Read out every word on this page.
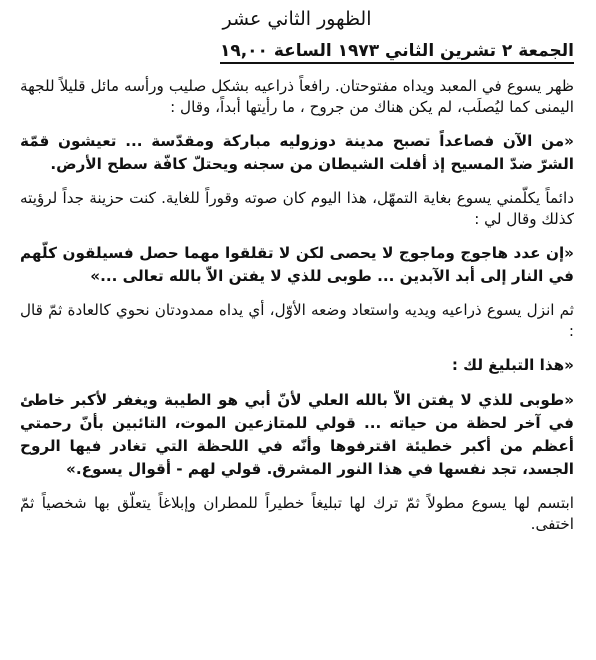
الظهور الثاني عشر
الجمعة ٢ تشرين الثاني ١٩٧٣ الساعة ١٩,٠٠

ظهر يسوع في المعبد ويداه مفتوحتان. رافعاً ذراعيه بشكل صليب ورأسه مائل قليلاً للجهة اليمنى كما ليُصلَب، لم يكن هناك من جروح ، ما رأيتها أبداً، وقال :

«من الآن فصاعداً تصبح مدينة دوزوليه مباركة ومقدّسة ... تعيشون قمّة الشرّ ضدّ المسيح إذ أفلت الشيطان من سجنه ويحتلّ كافّة سطح الأرض.

دائماً يكلّمني يسوع بغاية التمهّل، هذا اليوم كان صوته وقوراً للغاية. كنت حزينة جداً لرؤيته كذلك وقال لي :

«إن عدد هاجوج وماجوج لا يحصى لكن لا تقلقوا مهما حصل فسيلقون كلّهم في النار إلى أبد الآبدين ... طوبى للذي لا يفتن الاّ بالله تعالى ...»

ثم انزل يسوع ذراعيه ويديه واستعاد وضعه الأوّل، أي يداه ممدودتان نحوي كالعادة ثمّ قال :

«هذا التبليغ لك :

«طوبى للذي لا يفتن الاّ بالله العلي لأنّ أبي هو الطيبة ويغفر لأكبر خاطئ في آخر لحظة من حياته ... قولي للمتازعين الموت، التائبين بأنّ رحمتي أعظم من أكبر خطيئة اقترفوها وأنّه في اللحظة التي تغادر فيها الروح الجسد، تجد نفسها في هذا النور المشرق. قولي لهم - أقوال يسوع.»

ابتسم لها يسوع مطولاً ثمّ ترك لها تبليغاً خطيراً للمطران وإبلاغاً يتعلّق بها شخصياً ثمّ اختفى.
